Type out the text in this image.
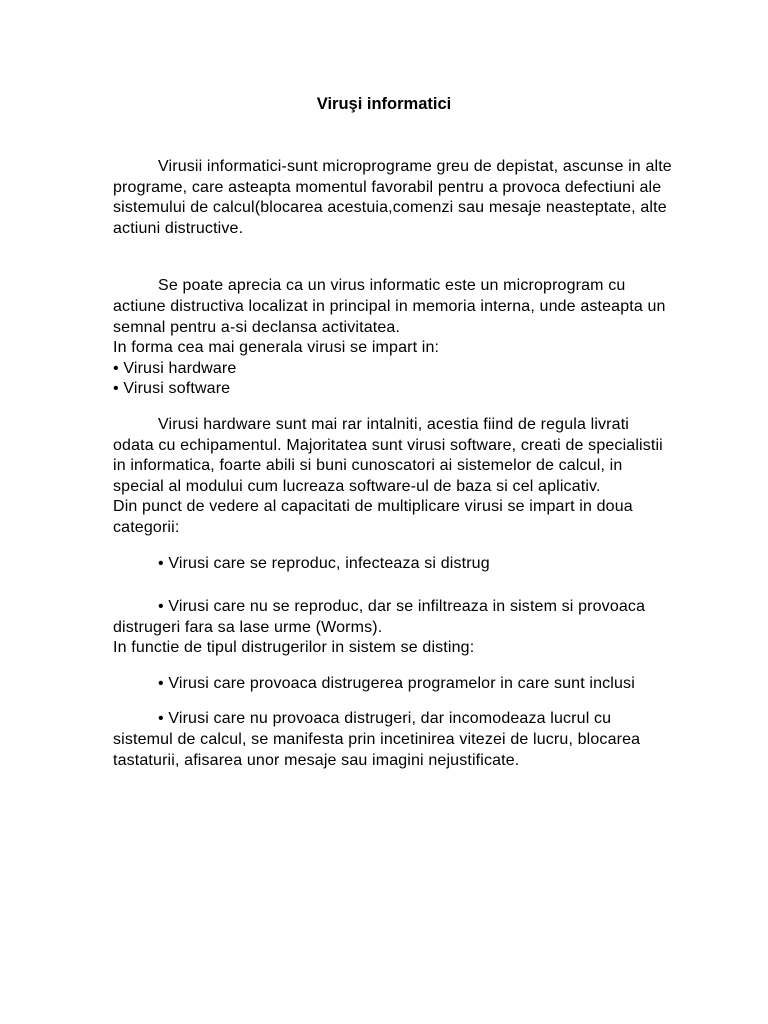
Viruşi informatici

Virusii informatici-sunt microprograme greu de depistat, ascunse in alte programe, care asteapta momentul favorabil pentru a provoca defectiuni ale sistemului de calcul(blocarea acestuia,comenzi sau mesaje neasteptate, alte actiuni distructive.

Se poate aprecia ca un virus informatic este un microprogram cu actiune distructiva localizat in principal in memoria interna, unde asteapta un semnal pentru a-si declansa activitatea.

In forma cea mai generala virusi se impart in:

• Virusi hardware

• Virusi software

Virusi hardware sunt mai rar intalniti, acestia fiind de regula livrati odata cu echipamentul. Majoritatea sunt virusi software, creati de specialistii in informatica, foarte abili si buni cunoscatori ai sistemelor de calcul, in special al modului cum lucreaza software-ul de baza si cel aplicativ.

Din punct de vedere al capacitati de multiplicare virusi se impart in doua categorii:

• Virusi care se reproduc, infecteaza si distrug

• Virusi care nu se reproduc, dar se infiltreaza in sistem si provoaca distrugeri fara sa lase urme (Worms).

In functie de tipul distrugerilor in sistem se disting:

• Virusi care provoaca distrugerea programelor in care sunt inclusi

• Virusi care nu provoaca distrugeri, dar incomodeaza lucrul cu sistemul de calcul, se manifesta prin incetinirea vitezei de lucru, blocarea tastaturii, afisarea unor mesaje sau imagini nejustificate.
